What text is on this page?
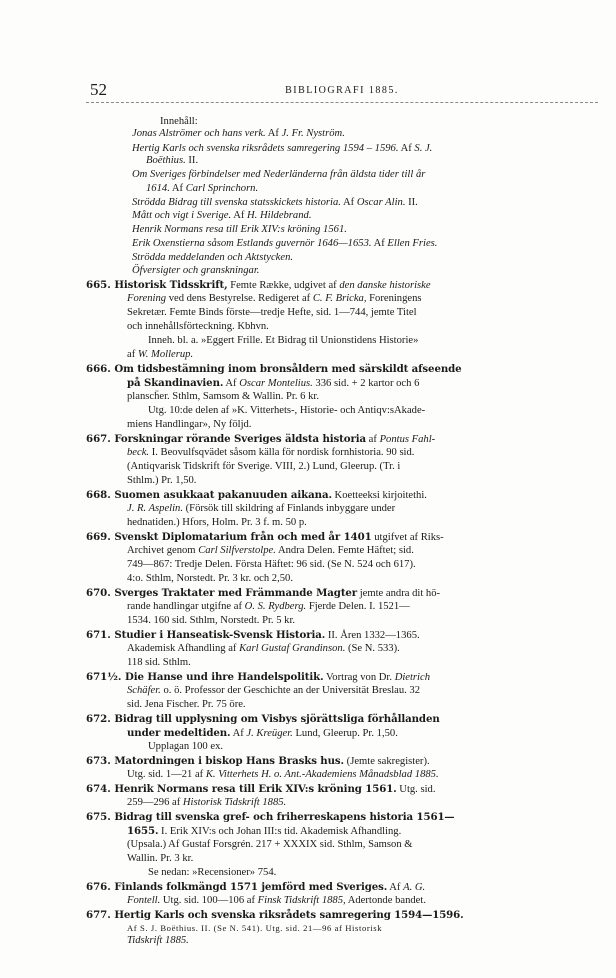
52	BIBLIOGRAFI 1885.
Innehåll:
Jonas Alströmer och hans verk. Af J. Fr. Nyström.
Hertig Karls och svenska riksrådets samregering 1594 – 1596. Af S. J.
Boëthius. II.
Om Sveriges förbindelser med Nederländerna från äldsta tider till år
1614. Af Carl Sprinchorn.
Strödda Bidrag till svenska statsskickets historia. Af Oscar Alin. II.
Mått och vigt i Sverige. Af H. Hildebrand.
Henrik Normans resa till Erik XIV:s kröning 1561.
Erik Oxenstierna såsom Estlands guvernör 1646—1653. Af Ellen Fries.
Strödda meddelanden och Aktstycken.
Öfversigter och granskningar.
665. Historisk Tidsskrift, Femte Række, udgivet af den danske historiske
Forening ved dens Bestyrelse. Redigeret af C. F. Bricka, Foreningens
Sekretær. Femte Binds förste—tredje Hefte, sid. 1—744, jemte Titel
och innehållsförteckning. Kbhvn.
Inneh. bl. a. »Eggert Frille. Et Bidrag til Unionstidens Historie»
af W. Mollerup.
666. Om tidsbestämning inom bronsåldern med särskildt afseende
på Skandinavien. Af Oscar Montelius. 336 sid. + 2 kartor och 6
planscḧer. Sthlm, Samsom & Wallin. Pr. 6 kr.
Utg. 10:de delen af »K. Vitterhets-, Historie- och Antiqv:sAkade-
miens Handlingar», Ny följd.
667. Forskningar rörande Sveriges äldsta historia af Pontus Fahl-
beck. I. Beovulfsqvädet såsom källa för nordisk fornhistoria. 90 sid.
(Antiqvarisk Tidskrift för Sverige. VIII, 2.) Lund, Gleerup. (Tr. i
Sthlm.) Pr. 1,50.
668. Suomen asukkaat pakanuuden aikana. Koetteeksi kirjoitethi.
J. R. Aspelin. (Försök till skildring af Finlands inbyggare under
hednatiden.) Hfors, Holm. Pr. 3 f. m. 50 p.
669. Svenskt Diplomatarium från och med år 1401 utgifvet af Riks-
Archivet genom Carl Silfverstolpe. Andra Delen. Femte Häftet; sid.
749—867: Tredje Delen. Första Häftet: 96 sid. (Se N. 524 och 617).
4:o. Sthlm, Norstedt. Pr. 3 kr. och 2,50.
670. Sverges Traktater med Främmande Magter jemte andra dit hö-
rande handlingar utgifne af O. S. Rydberg. Fjerde Delen. I. 1521—
1534. 160 sid. Sthlm, Norstedt. Pr. 5 kr.
671. Studier i Hanseatisk-Svensk Historia. II. Åren 1332—1365.
Akademisk Afhandling af Karl Gustaf Grandinson. (Se N. 533).
118 sid. Sthlm.
671½. Die Hanse und ihre Handelspolitik. Vortrag von Dr. Dietrich
Schäfer. o. ö. Professor der Geschichte an der Universität Breslau. 32
sid. Jena Fischer. Pr. 75 öre.
672. Bidrag till upplysning om Visbys sjörättsliga förhållanden
under medeltiden. Af J. Kreüger. Lund, Gleerup. Pr. 1,50.
Upplagan 100 ex.
673. Matordningen i biskop Hans Brasks hus. (Jemte sakregister).
Utg. sid. 1—21 af K. Vitterhets H. o. Ant.-Akademiens Månadsblad 1885.
674. Henrik Normans resa till Erik XIV:s kröning 1561. Utg. sid.
259—296 af Historisk Tidskrift 1885.
675. Bidrag till svenska gref- och friherreskapens historia 1561—
1655. I. Erik XIV:s och Johan III:s tid. Akademisk Afhandling.
(Upsala.) Af Gustaf Forsgrén. 217 + XXXIX sid. Sthlm, Samson &
Wallin. Pr. 3 kr.
Se nedan: »Recensioner» 754.
676. Finlands folkmängd 1571 jemförd med Sveriges. Af A. G.
Fontell. Utg. sid. 100—106 af Finsk Tidskrift 1885, Adertonde bandet.
677. Hertig Karls och svenska riksrådets samregering 1594—1596.
Af S. J. Boëthius. II. (Se N. 541). Utg. sid. 21—96 af Historisk
Tidskrift 1885.
